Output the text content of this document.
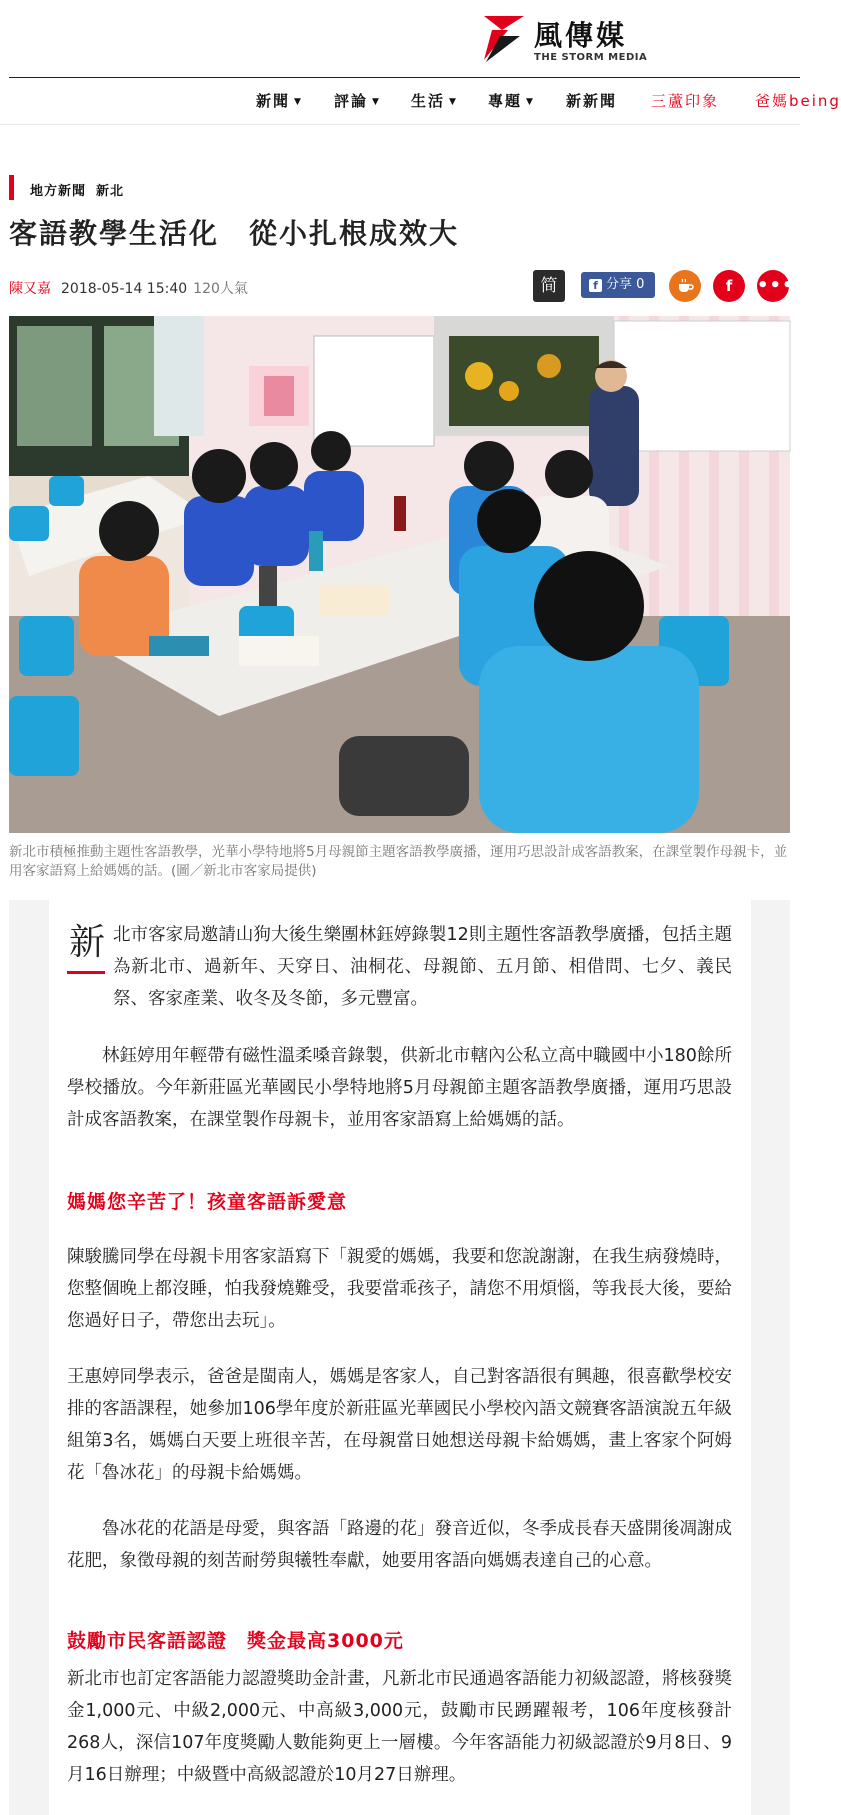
風傳媒
THE STORM MEDIA
新聞 ▼ 評論 ▼ 生活 ▼ 專題 ▼ 新新聞 三蘆印象 爸媽being
地方新聞 新北
客語教學生活化　從小扎根成效大
陳又嘉 2018-05-14 15:40 120人氣	简	f 分享 0	f	•••
新北市積極推動主題性客語教學，光華小學特地將5月母親節主題客語教學廣播，運用巧思設計成客語教案，在課堂製作母親卡，並用客家語寫上給媽媽的話。(圖／新北市客家局提供)
新 北市客家局邀請山狗大後生樂團林鈺婷錄製12則主題性客語教學廣播，包括主題為新北市、過新年、天穿日、油桐花、母親節、五月節、相借問、七夕、義民祭、客家產業、收冬及冬節，多元豐富。
林鈺婷用年輕帶有磁性溫柔嗓音錄製，供新北市轄內公私立高中職國中小180餘所學校播放。今年新莊區光華國民小學特地將5月母親節主題客語教學廣播，運用巧思設計成客語教案，在課堂製作母親卡，並用客家語寫上給媽媽的話。
媽媽您辛苦了！孩童客語訴愛意
陳駿騰同學在母親卡用客家語寫下「親愛的媽媽，我要和您說謝謝，在我生病發燒時，您整個晚上都沒睡，怕我發燒難受，我要當乖孩子，請您不用煩惱，等我長大後，要給您過好日子，帶您出去玩」。
王惠婷同學表示，爸爸是閩南人，媽媽是客家人，自己對客語很有興趣，很喜歡學校安排的客語課程，她參加106學年度於新莊區光華國民小學校內語文競賽客語演說五年級組第3名，媽媽白天要上班很辛苦，在母親當日她想送母親卡給媽媽，畫上客家个阿姆花「魯冰花」的母親卡給媽媽。
魯冰花的花語是母愛，與客語「路邊的花」發音近似，冬季成長春天盛開後凋謝成花肥，象徵母親的刻苦耐勞與犧牲奉獻，她要用客語向媽媽表達自己的心意。
鼓勵市民客語認證　獎金最高3000元
新北市也訂定客語能力認證獎助金計畫，凡新北市民通過客語能力初級認證，將核發獎金1,000元、中級2,000元、中高級3,000元，鼓勵市民踴躍報考，106年度核發計268人，深信107年度獎勵人數能夠更上一層樓。今年客語能力初級認證於9月8日、9月16日辦理；中級暨中高級認證於10月27日辦理。
